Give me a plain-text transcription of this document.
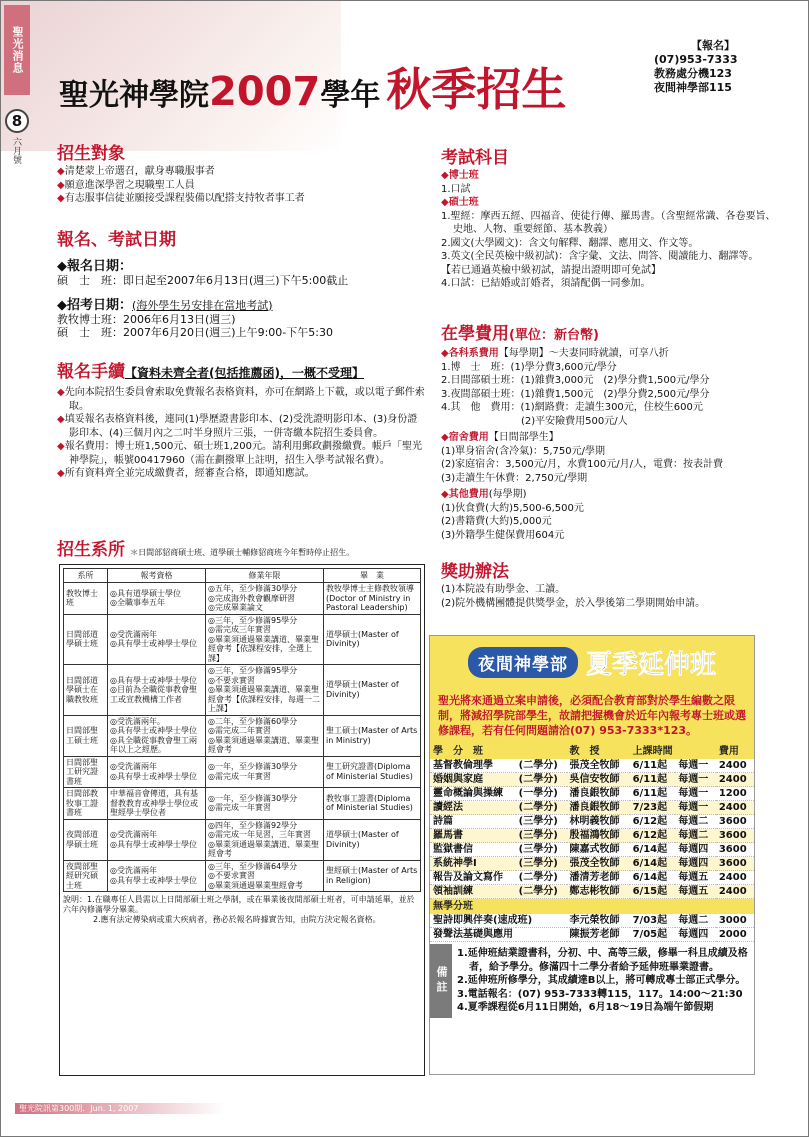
聖光消息
8
六月號
聖光神學院2007學年 秋季招生
【報名】
(07)953-7333
教務處分機123
夜間神學部115
招生對象
◆清楚蒙上帝選召，獻身專職服事者
◆願意進深學習之現職聖工人員
◆有志服事信徒並願接受課程裝備以配搭支持牧者事工者
報名、考試日期
◆報名日期：
碩　士　班：即日起至2007年6月13日(週三)下午5:00截止
◆招考日期：(海外學生另安排在當地考試)
教牧博士班：2006年6月13日(週三)
碩　士　班：2007年6月20日(週三)上午9:00-下午5:30
報名手續【資料未齊全者(包括推薦函)，一概不受理】
◆先向本院招生委員會索取免費報名表格資料，亦可在網路上下載，或以電子郵件索取。
◆填妥報名表格資料後，連同(1)學歷證書影印本、(2)受洗證明影印本、(3)身份證影印本、(4)三個月內之二吋半身照片三張，一併寄繳本院招生委員會。
◆報名費用：博士班1,500元、碩士班1,200元。請利用郵政劃撥繳費。帳戶「聖光神學院」，帳號00417960（需在劃撥單上註明，招生入學考試報名費）。
◆所有資料齊全並完成繳費者，經審查合格，即通知應試。
招生系所 ＊日間部貂商碩士班、道學碩士輔修貂商班今年暫時停止招生。
系所	報考資格	修業年限	畢　業
教牧博士班	◎具有道學碩士學位
◎全職事奉五年	◎五年，至少修滿30學分
◎完成海外教會觀摩研習
◎完成畢業論文	教牧學博士主修教牧領導(Doctor of Ministry in Pastoral Leadership)
日間部道學碩士班	◎受洗滿兩年
◎具有學士或神學士學位	◎三年，至少修滿95學分
◎需完成三年實習
◎畢業須通過畢業講道、畢業聖經會考【依課程安排，全選上課】	道學碩士(Master of Divinity)
日間部道學碩士在職教牧班	◎具有學士或神學士學位
◎目前為全職從事教會聖工或宣教機構工作者	◎三年，至少修滿95學分
◎不要求實習
◎畢業須通過畢業講道、畢業聖經會考【依課程安排，每週一二上課】	道學碩士(Master of Divinity)
日間部聖工碩士班	◎受洗滿兩年。
◎具有學士或神學士學位
◎具全職從事教會聖工兩年以上之經歷。	◎二年，至少修滿60學分
◎需完成二年實習
◎畢業須通過畢業講道、畢業聖經會考	聖工碩士(Master of Arts in Ministry)
日間部聖工研究證書班	◎受洗滿兩年
◎具有學士或神學士學位	◎一年，至少修滿30學分
◎需完成一年實習	聖工研究證書(Diploma of Ministerial Studies)
日間部教牧事工證書班	中華福音會傳道，具有基督教教育或神學士學位或聖經學士學位者	◎一年，至少修滿30學分
◎需完成一年實習	教牧事工證書(Diploma of Ministerial Studies)
夜間部道學碩士班	◎受洗滿兩年
◎具有學士或神學士學位	◎四年，至少修滿92學分
◎需完成一年見習，三年實習
◎畢業須通過畢業講道、畢業聖經會考	道學碩士(Master of Divinity)
夜間部聖經研究碩士班	◎受洗滿兩年
◎具有學士或神學士學位	◎三年，至少修滿64學分
◎不要求實習
◎畢業須通過畢業聖經會考	聖經碩士(Master of Arts in Religion)
說明：1.在職專任人員需以上日間部碩士班之學制，或在畢業後夜間部碩士班者，可申請延畢，並於六年內修滿學分畢業。
2.應有法定傳染病或重大疾病者，務必於報名時據實告知，由院方決定報名資格。
考試科目
◆博士班
1.口試
◆碩士班
1.聖經：摩西五經、四福音、使徒行傳、羅馬書。（含聖經常識、各卷要旨、史地、人物、重要經節、基本教義）
2.國文(大學國文)：含文句解釋、翻譯、應用文、作文等。
3.英文(全民英檢中級初試)：含字彙、文法、問答、閱讀能力、翻譯等。
【若已通過英檢中級初試，請提出證明即可免試】
4.口試：已結婚或訂婚者，須請配偶一同參加。
在學費用(單位：新台幣)
◆各科系費用【每學期】～夫妻同時就讀，可享八折
1.博　士　班：(1)學分費3,600元/學分
2.日間部碩士班：(1)雜費3,000元　(2)學分費1,500元/學分
3.夜間部碩士班：(1)雜費1,500元　(2)學分費2,500元/學分
4.其　他　費用：(1)網路費：走讀生300元，住校生600元
　　　　　　　　(2)平安險費用500元/人
◆宿舍費用【日間部學生】
(1)單身宿舍(含冷氣)：5,750元/學期
(2)家庭宿舍：3,500元/月，水費100元/月/人，電費：按表計費
(3)走讀生午休費：2,750元/學期
◆其他費用(每學期)
(1)伙食費(大約)5,500-6,500元
(2)書籍費(大約)5,000元
(3)外籍學生健保費用604元
獎助辦法
(1)本院設有助學金、工讀。
(2)院外機構團體提供獎學金，於入學後第二學期開始申請。
夜間神學部 夏季延伸班
聖光將來通過立案申請後，必須配合教育部對於學生編數之限制，將減招學院部學生，故請把握機會於近年內報考專士班或選修課程，若有任何問題請洽(07) 953-7333*123。
學　分　班		教　授	上課時間		費用
基督教倫理學	(二學分)	張茂全牧師	6/11起	每週一	2400
婚姻與家庭	(二學分)	吳信安牧師	6/11起	每週一	2400
靈命概論與操練	(一學分)	潘良銀牧師	6/11起	每週一	1200
讀經法	(二學分)	潘良銀牧師	7/23起	每週一	2400
詩篇	(三學分)	林明義牧師	6/12起	每週二	3600
羅馬書	(三學分)	殷福鴻牧師	6/12起	每週二	3600
監獄書信	(三學分)	陳嘉式牧師	6/14起	每週四	3600
系統神學Ⅰ	(三學分)	張茂全牧師	6/14起	每週四	3600
報告及論文寫作	(二學分)	潘清芳老師	6/14起	每週五	2400
領袖訓練	(二學分)	鄭志彬牧師	6/15起	每週五	2400
無學分班					
聖詩即興伴奏(速成班)		李元榮牧師	7/03起	每週二	3000
發聲法基礎與應用		陳振芳老師	7/05起	每週四	2000
備註
1.延伸班結業證書科，分初、中、高等三級，修畢一科且成績及格者，給予學分。修滿四十二學分者給予延伸班畢業證書。
2.延伸班所修學分，其成績達B以上，將可轉成專士部正式學分。
3.電話報名：(07) 953-7333轉115，117。14:00～21:30
4.夏季課程從6月11日開始，6月18～19日為端午節假期
聖光院訊第300期．Jun. 1, 2007
